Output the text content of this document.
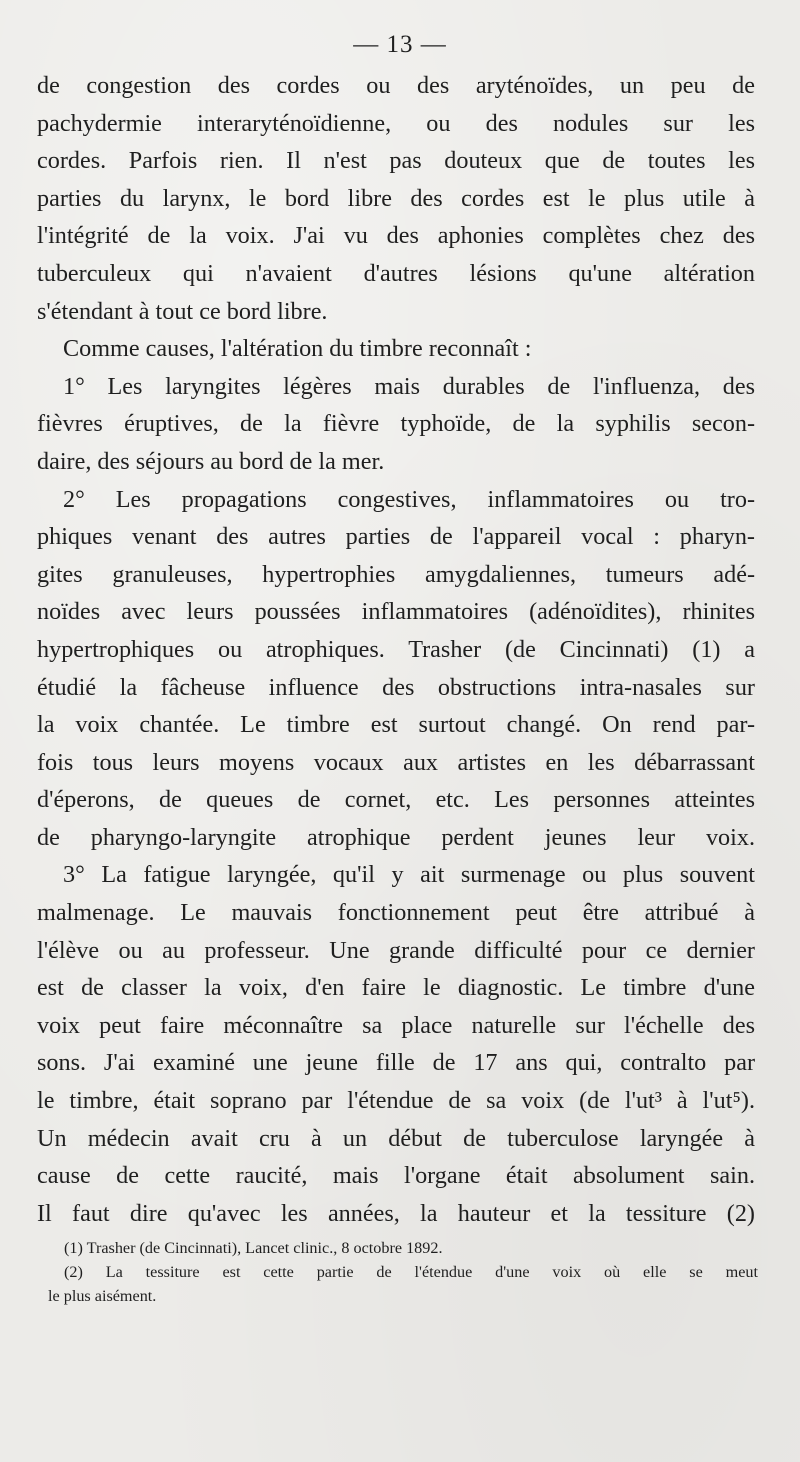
— 13 —
de congestion des cordes ou des aryténoïdes, un peu de
pachydermie interaryténoïdienne, ou des nodules sur les
cordes. Parfois rien. Il n'est pas douteux que de toutes les
parties du larynx, le bord libre des cordes est le plus utile à
l'intégrité de la voix. J'ai vu des aphonies complètes chez des
tuberculeux qui n'avaient d'autres lésions qu'une altération
s'étendant à tout ce bord libre.
Comme causes, l'altération du timbre reconnaît :
1° Les laryngites légères mais durables de l'influenza, des
fièvres éruptives, de la fièvre typhoïde, de la syphilis secon-
daire, des séjours au bord de la mer.
2° Les propagations congestives, inflammatoires ou tro-
phiques venant des autres parties de l'appareil vocal : pharyn-
gites granuleuses, hypertrophies amygdaliennes, tumeurs adé-
noïdes avec leurs poussées inflammatoires (adénoïdites), rhinites
hypertrophiques ou atrophiques. Trasher (de Cincinnati) (1) a
étudié la fâcheuse influence des obstructions intra-nasales sur
la voix chantée. Le timbre est surtout changé. On rend par-
fois tous leurs moyens vocaux aux artistes en les débarrassant
d'éperons, de queues de cornet, etc. Les personnes atteintes
de pharyngo-laryngite atrophique perdent jeunes leur voix.
3° La fatigue laryngée, qu'il y ait surmenage ou plus souvent
malmenage. Le mauvais fonctionnement peut être attribué à
l'élève ou au professeur. Une grande difficulté pour ce dernier
est de classer la voix, d'en faire le diagnostic. Le timbre d'une
voix peut faire méconnaître sa place naturelle sur l'échelle des
sons. J'ai examiné une jeune fille de 17 ans qui, contralto par
le timbre, était soprano par l'étendue de sa voix (de l'ut³ à l'ut⁵).
Un médecin avait cru à un début de tuberculose laryngée à
cause de cette raucité, mais l'organe était absolument sain.
Il faut dire qu'avec les années, la hauteur et la tessiture (2)
(1) Trasher (de Cincinnati), Lancet clinic., 8 octobre 1892.
(2) La tessiture est cette partie de l'étendue d'une voix où elle se meut
le plus aisément.
